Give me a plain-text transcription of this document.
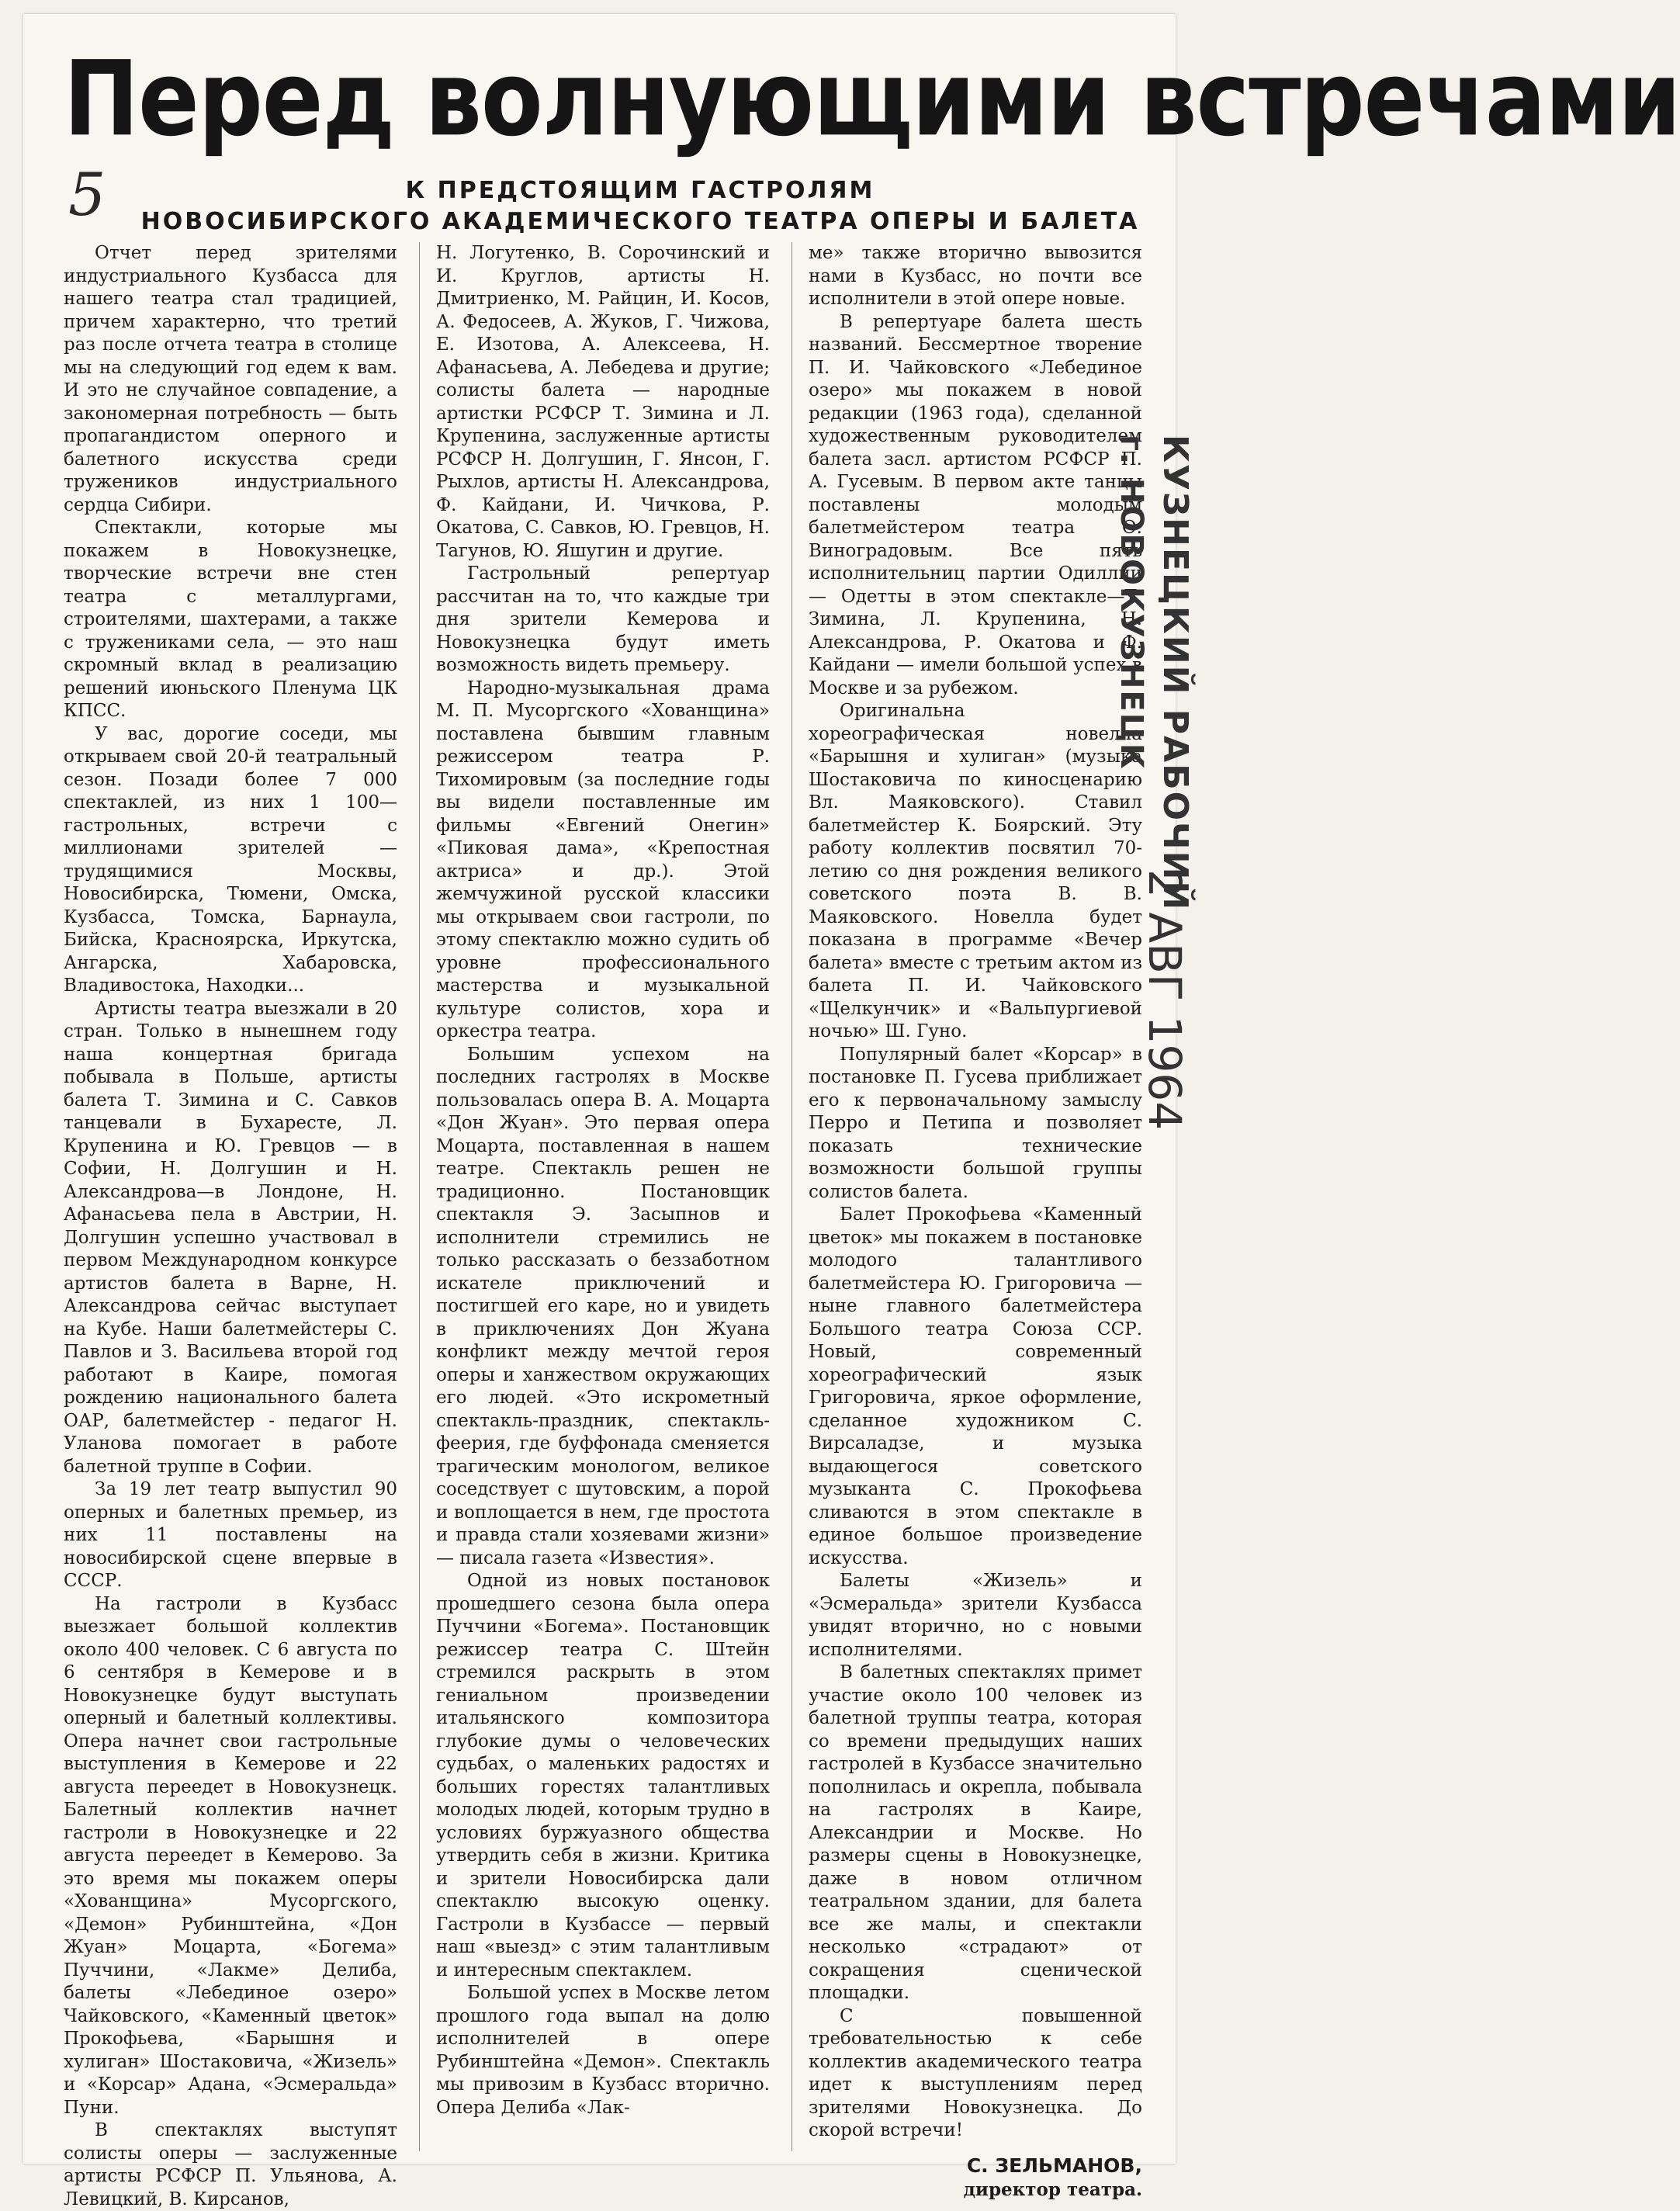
Перед волнующими встречами
5	К ПРЕДСТОЯЩИМ ГАСТРОЛЯМ
НОВОСИБИРСКОГО АКАДЕМИЧЕСКОГО ТЕАТРА ОПЕРЫ И БАЛЕТА

Отчет перед зрителями индустриального Кузбасса для нашего театра стал традицией, причем характерно, что третий раз после отчета театра в столице мы на следующий год едем к вам. И это не случайное совпадение, а закономерная потребность — быть пропагандистом оперного и балетного искусства среди тружеников индустриального сердца Сибири.

Спектакли, которые мы покажем в Новокузнецке, творческие встречи вне стен театра с металлургами, строителями, шахтерами, а также с тружениками села, — это наш скромный вклад в реализацию решений июньского Пленума ЦК КПСС.

У вас, дорогие соседи, мы открываем свой 20-й театральный сезон. Позади более 7 000 спектаклей, из них 1 100—гастрольных, встречи с миллионами зрителей — трудящимися Москвы, Новосибирска, Тюмени, Омска, Кузбасса, Томска, Барнаула, Бийска, Красноярска, Иркутска, Ангарска, Хабаровска, Владивостока, Находки...

Артисты театра выезжали в 20 стран. Только в нынешнем году наша концертная бригада побывала в Польше, артисты балета Т. Зимина и С. Савков танцевали в Бухаресте, Л. Крупенина и Ю. Гревцов — в Софии, Н. Долгушин и Н. Александрова—в Лондоне, Н. Афанасьева пела в Австрии, Н. Долгушин успешно участвовал в первом Международном конкурсе артистов балета в Варне, Н. Александрова сейчас выступает на Кубе. Наши балетмейстеры С. Павлов и З. Васильева второй год работают в Каире, помогая рождению национального балета ОАР, балетмейстер - педагог Н. Уланова помогает в работе балетной труппе в Софии.

За 19 лет театр выпустил 90 оперных и балетных премьер, из них 11 поставлены на новосибирской сцене впервые в СССР.

На гастроли в Кузбасс выезжает большой коллектив около 400 человек. С 6 августа по 6 сентября в Кемерове и в Новокузнецке будут выступать оперный и балетный коллективы. Опера начнет свои гастрольные выступления в Кемерове и 22 августа переедет в Новокузнецк. Балетный коллектив начнет гастроли в Новокузнецке и 22 августа переедет в Кемерово. За это время мы покажем оперы «Хованщина» Мусоргского, «Демон» Рубинштейна, «Дон Жуан» Моцарта, «Богема» Пуччини, «Лакме» Делиба, балеты «Лебединое озеро» Чайковского, «Каменный цветок» Прокофьева, «Барышня и хулиган» Шостаковича, «Жизель» и «Корсар» Адана, «Эсмеральда» Пуни.

В спектаклях выступят солисты оперы — заслуженные артисты РСФСР П. Ульянова, А. Левицкий, В. Кирсанов,

Н. Логутенко, В. Сорочинский и И. Круглов, артисты Н. Дмитриенко, М. Райцин, И. Косов, А. Федосеев, А. Жуков, Г. Чижова, Е. Изотова, А. Алексеева, Н. Афанасьева, А. Лебедева и другие; солисты балета — народные артистки РСФСР Т. Зимина и Л. Крупенина, заслуженные артисты РСФСР Н. Долгушин, Г. Янсон, Г. Рыхлов, артисты Н. Александрова, Ф. Кайдани, И. Чичкова, Р. Окатова, С. Савков, Ю. Гревцов, Н. Тагунов, Ю. Яшугин и другие.

Гастрольный репертуар рассчитан на то, что каждые три дня зрители Кемерова и Новокузнецка будут иметь возможность видеть премьеру.

Народно-музыкальная драма М. П. Мусоргского «Хованщина» поставлена бывшим главным режиссером театра Р. Тихомировым (за последние годы вы видели поставленные им фильмы «Евгений Онегин» «Пиковая дама», «Крепостная актриса» и др.). Этой жемчужиной русской классики мы открываем свои гастроли, по этому спектаклю можно судить об уровне профессионального мастерства и музыкальной культуре солистов, хора и оркестра театра.

Большим успехом на последних гастролях в Москве пользовалась опера В. А. Моцарта «Дон Жуан». Это первая опера Моцарта, поставленная в нашем театре. Спектакль решен не традиционно. Постановщик спектакля Э. Засыпнов и исполнители стремились не только рассказать о беззаботном искателе приключений и постигшей его каре, но и увидеть в приключениях Дон Жуана конфликт между мечтой героя оперы и ханжеством окружающих его людей. «Это искрометный спектакль-праздник, спектакль-феерия, где буффонада сменяется трагическим монологом, великое соседствует с шутовским, а порой и воплощается в нем, где простота и правда стали хозяевами жизни» — писала газета «Известия».

Одной из новых постановок прошедшего сезона была опера Пуччини «Богема». Постановщик режиссер театра С. Штейн стремился раскрыть в этом гениальном произведении итальянского композитора глубокие думы о человеческих судьбах, о маленьких радостях и больших горестях талантливых молодых людей, которым трудно в условиях буржуазного общества утвердить себя в жизни. Критика и зрители Новосибирска дали спектаклю высокую оценку. Гастроли в Кузбассе — первый наш «выезд» с этим талантливым и интересным спектаклем.

Большой успех в Москве летом прошлого года выпал на долю исполнителей в опере Рубинштейна «Демон». Спектакль мы привозим в Кузбасс вторично. Опера Делиба «Лак-

ме» также вторично вывозится нами в Кузбасс, но почти все исполнители в этой опере новые.

В репертуаре балета шесть названий. Бессмертное творение П. И. Чайковского «Лебединое озеро» мы покажем в новой редакции (1963 года), сделанной художественным руководителем балета засл. артистом РСФСР П. А. Гусевым. В первом акте танцы поставлены молодым балетмейстером театра О. Виноградовым. Все пять исполнительниц партии Одиллии — Одетты в этом спектакле—Т. Зимина, Л. Крупенина, Н. Александрова, Р. Окатова и Ф. Кайдани — имели большой успех в Москве и за рубежом.

Оригинальна хореографическая новелла «Барышня и хулиган» (музыка Шостаковича по киносценарию Вл. Маяковского). Ставил балетмейстер К. Боярский. Эту работу коллектив посвятил 70-летию со дня рождения великого советского поэта В. В. Маяковского. Новелла будет показана в программе «Вечер балета» вместе с третьим актом из балета П. И. Чайковского «Щелкунчик» и «Вальпургиевой ночью» Ш. Гуно.

Популярный балет «Корсар» в постановке П. Гусева приближает его к первоначальному замыслу Перро и Петипа и позволяет показать технические возможности большой группы солистов балета.

Балет Прокофьева «Каменный цветок» мы покажем в постановке молодого талантливого балетмейстера Ю. Григоровича — ныне главного балетмейстера Большого театра Союза ССР. Новый, современный хореографический язык Григоровича, яркое оформление, сделанное художником С. Вирсаладзе, и музыка выдающегося советского музыканта С. Прокофьева сливаются в этом спектакле в единое большое произведение искусства.

Балеты «Жизель» и «Эсмеральда» зрители Кузбасса увидят вторично, но с новыми исполнителями.

В балетных спектаклях примет участие около 100 человек из балетной труппы театра, которая со времени предыдущих наших гастролей в Кузбассе значительно пополнилась и окрепла, побывала на гастролях в Каире, Александрии и Москве. Но размеры сцены в Новокузнецке, даже в новом отличном театральном здании, для балета все же малы, и спектакли несколько «страдают» от сокращения сценической площадки.

С повышенной требовательностью к себе коллектив академического театра идет к выступлениям перед зрителями Новокузнецка. До скорой встречи!

С. ЗЕЛЬМАНОВ,
директор театра.
КУЗНЕЦКИЙ РАБОЧИЙ
г. НОВОКУЗНЕЦК
2 АВГ 1964
